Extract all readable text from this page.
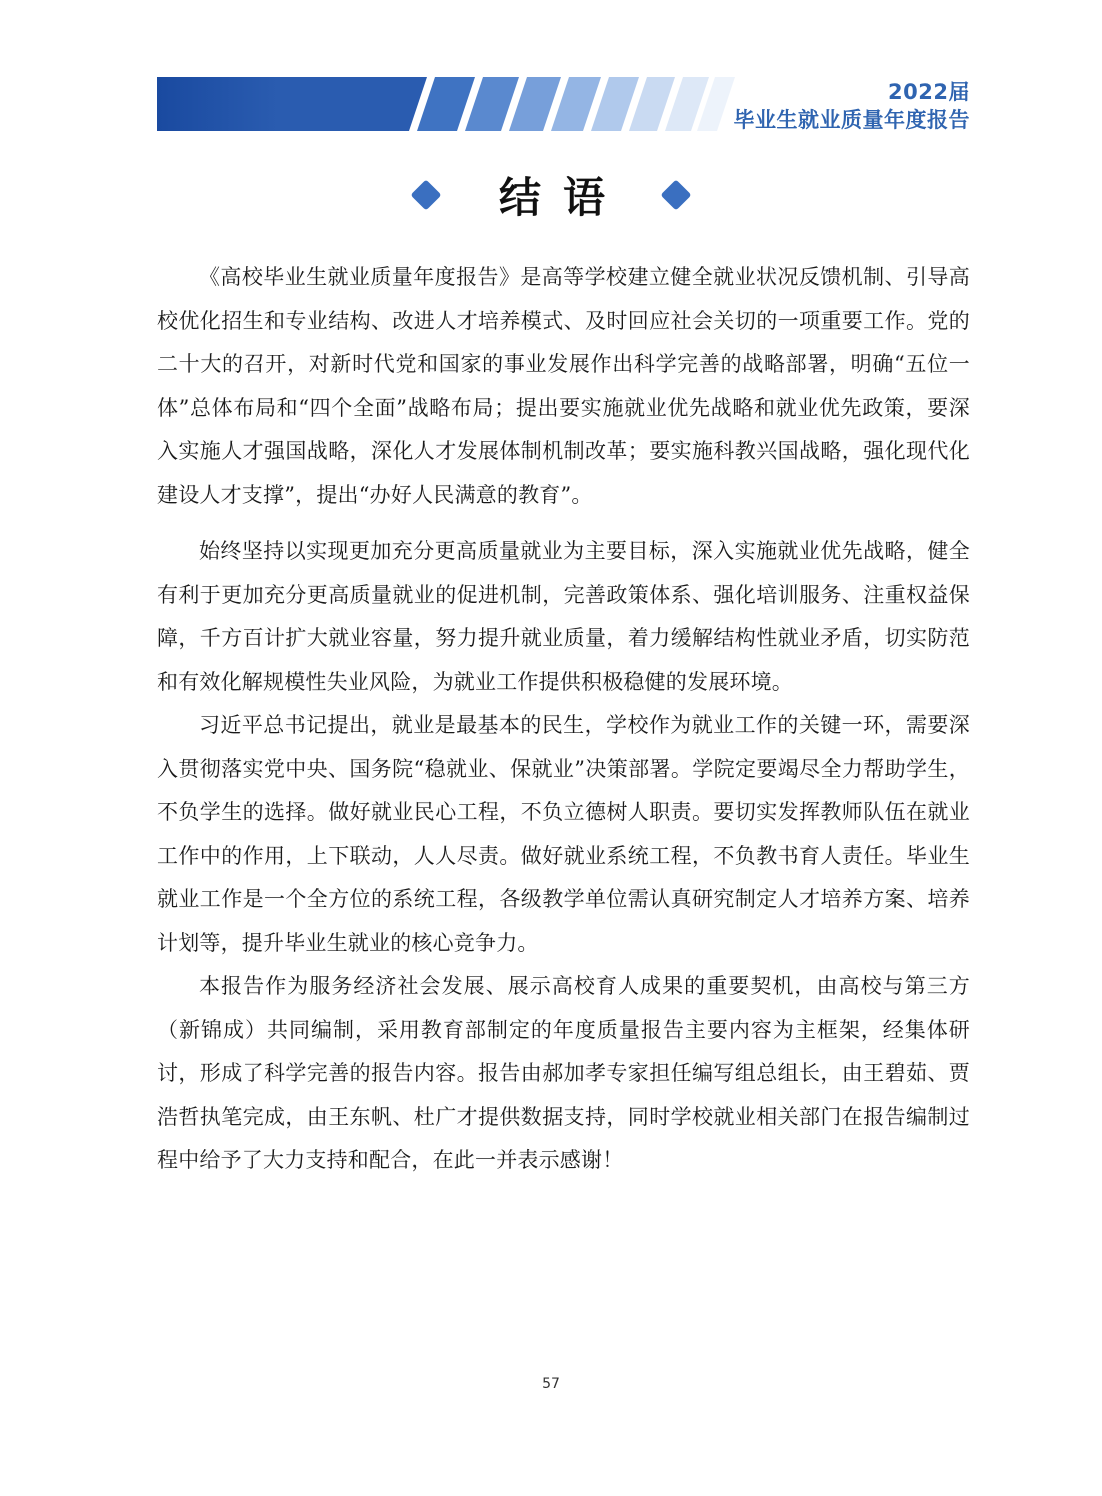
2022届
毕业生就业质量年度报告
结语

《高校毕业生就业质量年度报告》是高等学校建立健全就业状况反馈机制、引导高校优化招生和专业结构、改进人才培养模式、及时回应社会关切的一项重要工作。党的二十大的召开，对新时代党和国家的事业发展作出科学完善的战略部署，明确“五位一体”总体布局和“四个全面”战略布局；提出要实施就业优先战略和就业优先政策，要深入实施人才强国战略，深化人才发展体制机制改革；要实施科教兴国战略，强化现代化建设人才支撑”，提出“办好人民满意的教育”。

始终坚持以实现更加充分更高质量就业为主要目标，深入实施就业优先战略，健全有利于更加充分更高质量就业的促进机制，完善政策体系、强化培训服务、注重权益保障，千方百计扩大就业容量，努力提升就业质量，着力缓解结构性就业矛盾，切实防范和有效化解规模性失业风险，为就业工作提供积极稳健的发展环境。

习近平总书记提出，就业是最基本的民生，学校作为就业工作的关键一环，需要深入贯彻落实党中央、国务院“稳就业、保就业”决策部署。学院定要竭尽全力帮助学生，不负学生的选择。做好就业民心工程，不负立德树人职责。要切实发挥教师队伍在就业工作中的作用，上下联动，人人尽责。做好就业系统工程，不负教书育人责任。毕业生就业工作是一个全方位的系统工程，各级教学单位需认真研究制定人才培养方案、培养计划等，提升毕业生就业的核心竞争力。

本报告作为服务经济社会发展、展示高校育人成果的重要契机，由高校与第三方（新锦成）共同编制，采用教育部制定的年度质量报告主要内容为主框架，经集体研讨，形成了科学完善的报告内容。报告由郝加孝专家担任编写组总组长，由王碧茹、贾浩哲执笔完成，由王东帆、杜广才提供数据支持，同时学校就业相关部门在报告编制过程中给予了大力支持和配合，在此一并表示感谢！

57
